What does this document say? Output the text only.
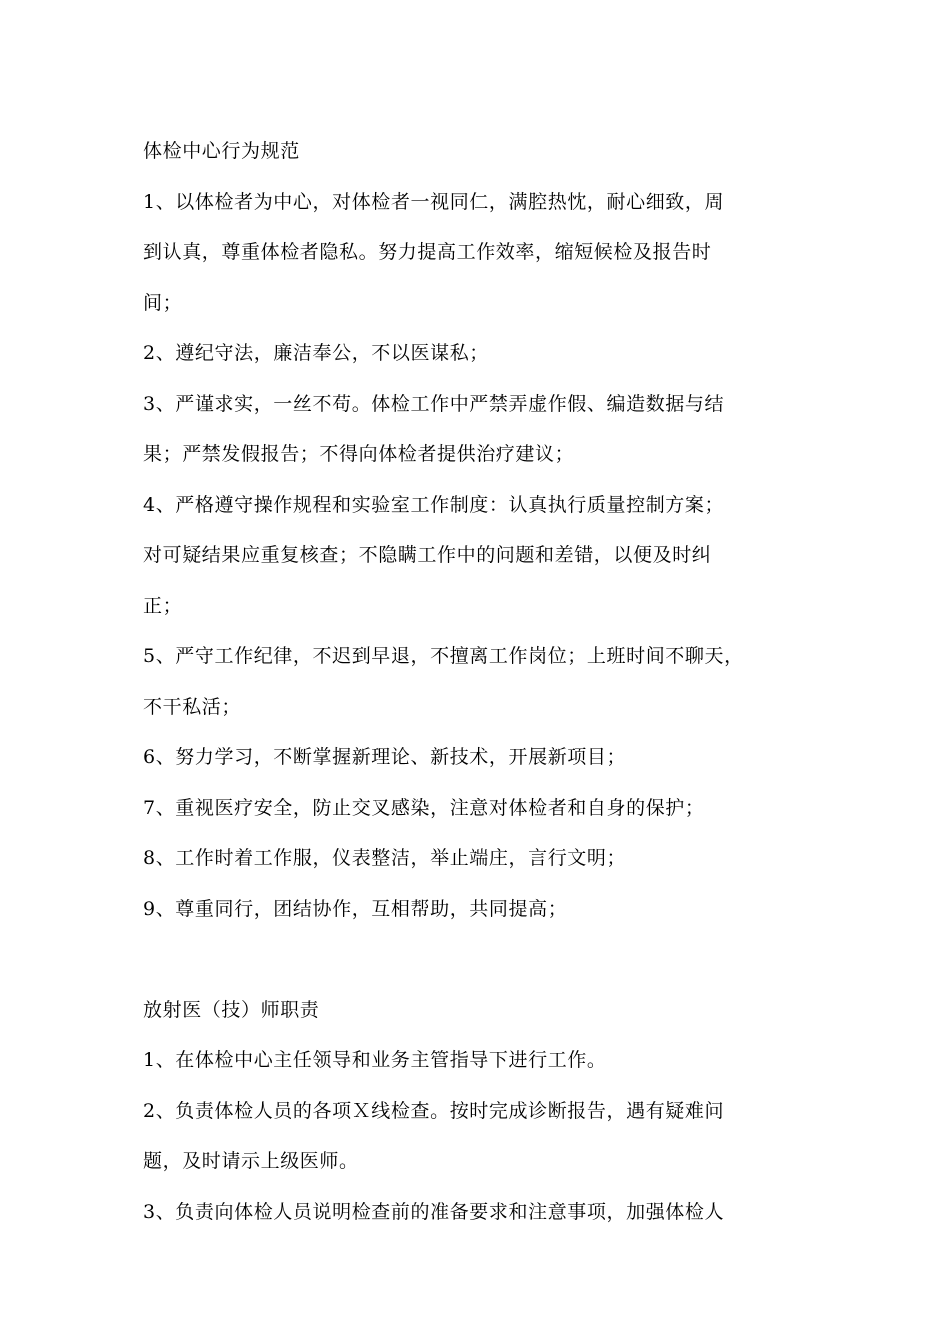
体检中心行为规范
1、以体检者为中心，对体检者一视同仁，满腔热忱，耐心细致，周
到认真，尊重体检者隐私。努力提高工作效率，缩短候检及报告时
间；
2、遵纪守法，廉洁奉公，不以医谋私；
3、严谨求实，一丝不苟。体检工作中严禁弄虚作假、编造数据与结
果；严禁发假报告；不得向体检者提供治疗建议；
4、严格遵守操作规程和实验室工作制度：认真执行质量控制方案；
对可疑结果应重复核查；不隐瞒工作中的问题和差错，以便及时纠
正；
5、严守工作纪律，不迟到早退，不擅离工作岗位；上班时间不聊天，
不干私活；
6、努力学习，不断掌握新理论、新技术，开展新项目；
7、重视医疗安全，防止交叉感染，注意对体检者和自身的保护；
8、工作时着工作服，仪表整洁，举止端庄，言行文明；
9、尊重同行，团结协作，互相帮助，共同提高；
放射医（技）师职责
1、在体检中心主任领导和业务主管指导下进行工作。
2、负责体检人员的各项Ｘ线检查。按时完成诊断报告，遇有疑难问
题，及时请示上级医师。
3、负责向体检人员说明检查前的准备要求和注意事项，加强体检人
